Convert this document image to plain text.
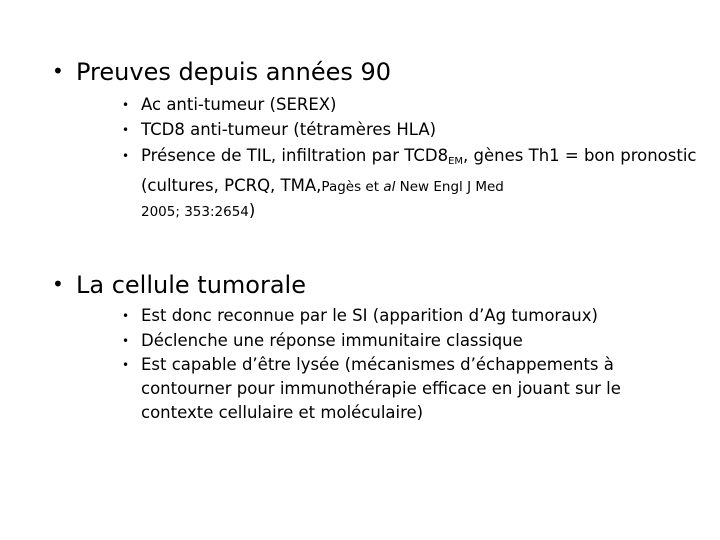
• Preuves depuis années 90
• Ac anti-tumeur (SEREX)
• TCD8 anti-tumeur (tétramères HLA)
• Présence de TIL, infiltration par $TCD8_{EM}$, gènes Th1 = bon pronostic (cultures, PCRQ, TMA,Pagès et al New Engl J Med
2005; 353:2654)
• La cellule tumorale
• Est donc reconnue par le SI (apparition d’Ag tumoraux)
• Déclenche une réponse immunitaire classique
• Est capable d’être lysée (mécanismes d’échappements à contourner pour immunothérapie efficace en jouant sur le contexte cellulaire et moléculaire)
